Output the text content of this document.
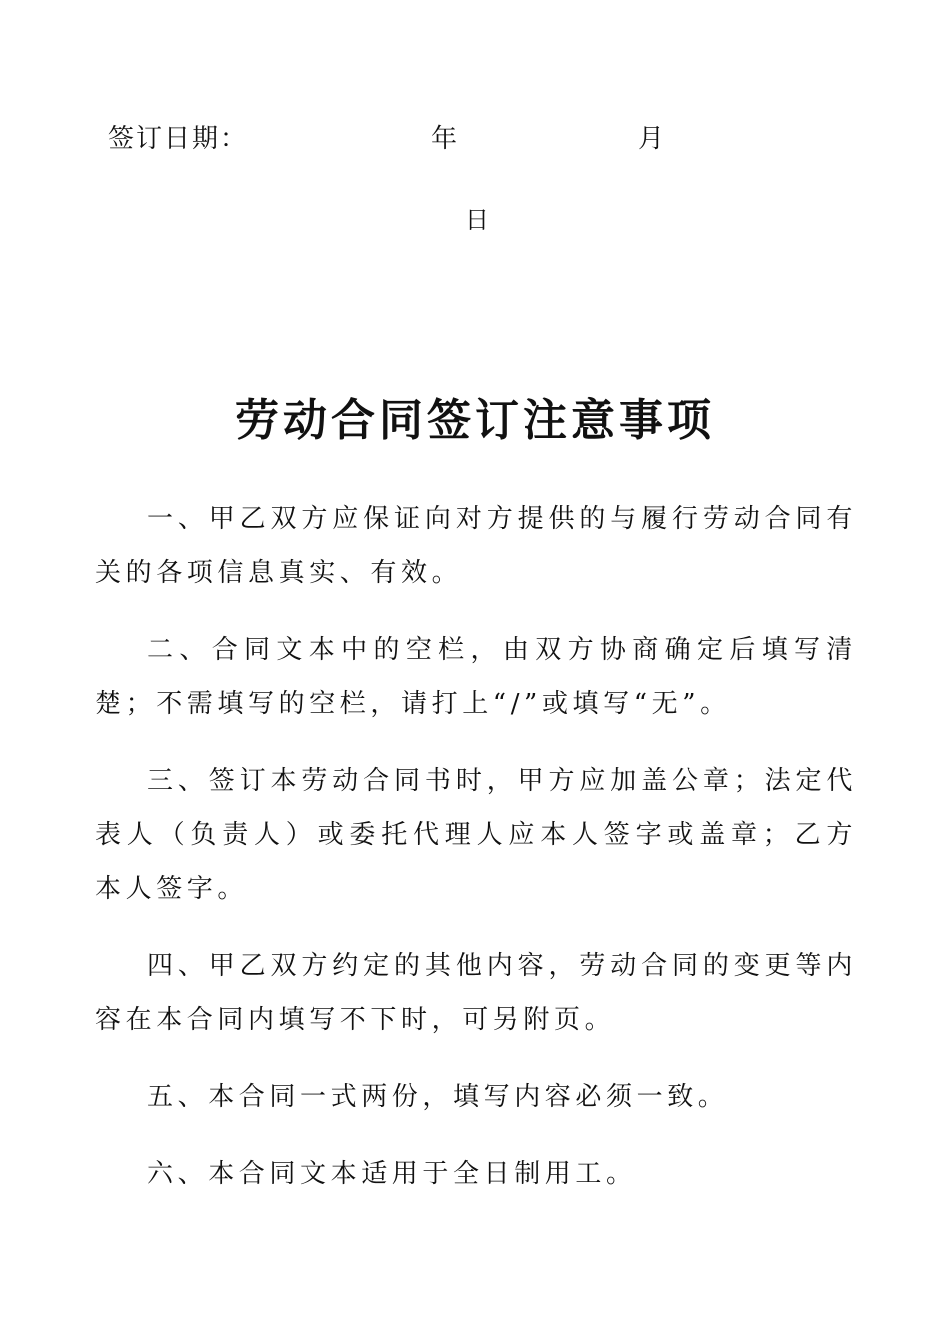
签订日期：	年	月
日
劳动合同签订注意事项

一、甲乙双方应保证向对方提供的与履行劳动合同有关的各项信息真实、有效。

二、合同文本中的空栏，由双方协商确定后填写清楚；不需填写的空栏，请打上“/”或填写“无”。

三、签订本劳动合同书时，甲方应加盖公章；法定代表人（负责人）或委托代理人应本人签字或盖章；乙方本人签字。

四、甲乙双方约定的其他内容，劳动合同的变更等内容在本合同内填写不下时，可另附页。

五、本合同一式两份，填写内容必须一致。

六、本合同文本适用于全日制用工。
